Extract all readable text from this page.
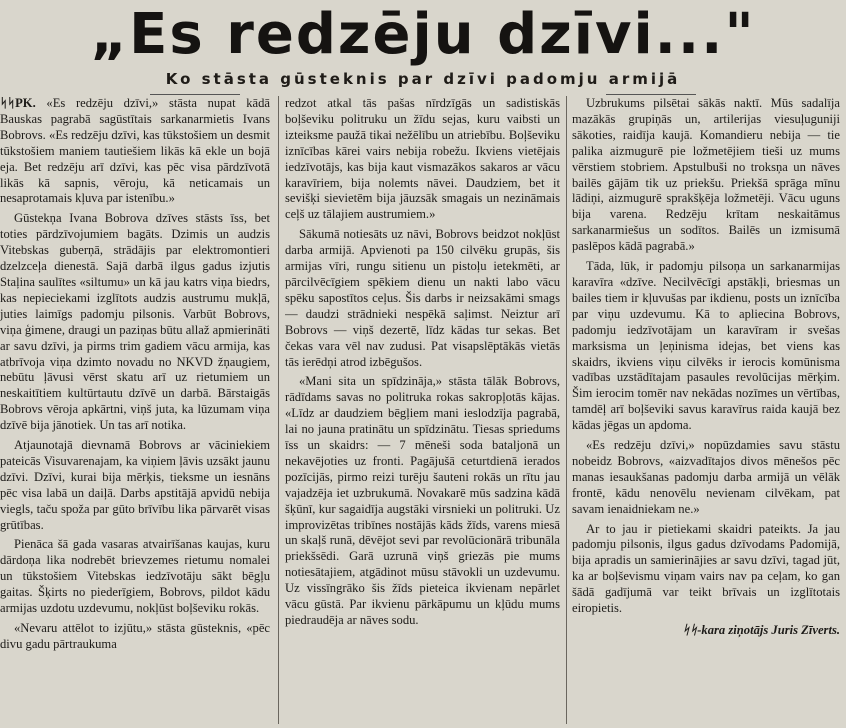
„Es redzēju dzīvi..."
Ko stāsta gūsteknis par dzīvi padomju armijā

ᛋᛋPK. «Es redzēju dzīvi,» stāsta nupat kādā Bauskas pagrabā sagūstītais sarkanarmietis Ivans Bobrovs. «Es redzēju dzīvi, kas tūkstošiem un desmit tūkstošiem maniem tautiešiem likās kā ekle un bojā eja. Bet redzēju arī dzīvi, kas pēc visa pārdzīvotā likās kā sapnis, vēroju, kā neticamais un nesaprotamais kļuva par istenību.»

Gūstekņa Ivana Bobrova dzīves stāsts īss, bet toties pārdzīvojumiem bagāts. Dzimis un audzis Vitebskas guberņā, strādājis par elektromontieri dzelzceļa dienestā. Sajā darbā ilgus gadus izjutis Staļina saulītes «siltumu» un kā jau katrs viņa biedrs, kas nepieciekami izglītots audzis austrumu mukļā, juties laimīgs padomju pilsonis. Varbūt Bobrovs, viņa ģimene, draugi un paziņas būtu allaž apmierināti ar savu dzīvi, ja pirms trim gadiem vācu armija, kas atbrīvoja viņa dzimto novadu no NKVD žņaugiem, nebūtu ļāvusi vērst skatu arī uz rietumiem un neskaitītiem kultūrtautu dzīvē un darbā. Bārstaigās Bobrovs vēroja apkārtni, viņš juta, ka lūzumam viņa dzīvē bija jānotiek. Un tas arī notika.

Atjaunotajā dievnamā Bobrovs ar vāciniekiem pateicās Visuvarenajam, ka viņiem ļāvis uzsākt jaunu dzīvi. Dzīvi, kurai bija mērķis, tieksme un iesnāns pēc visa labā un daiļā. Darbs apstitājā apvidū nebija viegls, taču spoža par gūto brīvību lika pārvarēt visas grūtības.

Pienāca šā gada vasaras atvairīšanas kaujas, kuru dārdoņa lika nodrebēt brievzemes rietumu nomalei un tūkstošiem Vitebskas iedzīvotāju sākt bēgļu gaitas. Šķirts no piederīgiem, Bobrovs, pildot kādu armijas uzdotu uzdevumu, nokļūst boļševiku rokās.

«Nevaru attēlot to izjūtu,» stāsta gūsteknis, «pēc divu gadu pārtraukuma

redzot atkal tās pašas nīrdzīgās un sadistiskās boļševiku politruku un žīdu sejas, kuru vaibsti un izteiksme paužā tikai nežēlību un atriebību. Boļševiku iznīcības kārei vairs nebija robežu. Ikviens vietējais iedzīvotājs, kas bija kaut vismazākos sakaros ar vācu karavīriem, bija nolemts nāvei. Daudziem, bet it sevišķi sievietēm bija jāuzsāk smagais un nezināmais ceļš uz tālajiem austrumiem.»

Sākumā notiesāts uz nāvi, Bobrovs beidzot nokļūst darba armijā. Apvienoti pa 150 cilvēku grupās, šis armijas vīri, rungu sitienu un pistoļu ietekmēti, ar pārcilvēcīgiem spēkiem dienu un nakti labo vācu spēku sapostītos ceļus. Šis darbs ir neizsakāmi smags — daudzi strādnieki nespēkā saļimst. Neiztur arī Bobrovs — viņš dezertē, līdz kādas tur sekas. Bet čekas vara vēl nav zudusi. Pat visapslēptākās vietās tās ierēdņi atrod izbēgušos.

«Mani sita un spīdzināja,» stāsta tālāk Bobrovs, rādīdams savas no politruka rokas sakropļotās kājas. «Līdz ar daudziem bēgļiem mani ieslodzīja pagrabā, lai no jauna pratinātu un spīdzinātu. Tiesas spriedums īss un skaidrs: — 7 mēneši soda bataljonā un nekavējoties uz fronti. Pagājušā ceturtdienā ierados pozīcijās, pirmo reizi turēju šauteni rokās un rītu jau vajadzēja iet uzbrukumā. Novakarē mūs sadzina kādā šķūnī, kur sagaidīja augstāki virsnieki un politruki. Uz improvizētas tribīnes nostājās kāds žīds, varens miesā un skaļš runā, dēvējot sevi par revolūcionārā tribunāla priekšsēdi. Garā uzrunā viņš griezās pie mums notiesātajiem, atgādinot mūsu stāvokli un uzdevumu. Uz vissīngrāko šis žīds pieteica ikvienam nepārlet vācu gūstā. Par ikvienu pārkāpumu un kļūdu mums piedraudēja ar nāves sodu.

Uzbrukums pilsētai sākās naktī. Mūs sadalīja mazākās grupiņās un, artilerijas viesuļuguniji sākoties, raidīja kaujā. Komandieru nebija — tie palika aizmugurē pie ložmetējiem tieši uz mums vērstiem stobriem. Apstulbuši no troksņa un nāves bailēs gājām tik uz priekšu. Priekšā sprāga mīnu lādiņi, aizmugurē sprakšķēja ložmetēji. Vācu uguns bija varena. Redzēju krītam neskaitāmus sarkanarmiešus un sodītos. Bailēs un izmisumā paslēpos kādā pagrabā.»

Tāda, lūk, ir padomju pilsoņa un sarkanarmijas karavīra «dzīve. Necilvēcīgi apstākļi, briesmas un bailes tiem ir kļuvušas par ikdienu, posts un iznīcība par viņu uzdevumu. Kā to apliecina Bobrovs, padomju iedzīvotājam un karavīram ir svešas marksisma un ļeņinisma idejas, bet viens kas skaidrs, ikviens viņu cilvēks ir ierocis komūnisma vadības uzstādītajam pasaules revolūcijas mērķim. Šim ierocim tomēr nav nekādas nozīmes un vērtības, tamdēļ arī boļševiki savus karavīrus raida kaujā bez kādas jēgas un apdoma.

«Es redzēju dzīvi,» nopūzdamies savu stāstu nobeidz Bobrovs, «aizvadītajos divos mēnešos pēc manas iesaukšanas padomju darba armijā un vēlāk frontē, kādu nenovēlu nevienam cilvēkam, pat savam ienaidniekam ne.»

Ar to jau ir pietiekami skaidri pateikts. Ja jau padomju pilsonis, ilgus gadus dzīvodams Padomijā, bija apradis un samierinājies ar savu dzīvi, tagad jūt, ka ar boļševismu viņam vairs nav pa ceļam, ko gan šādā gadījumā var teikt brīvais un izglītotais eiropietis.

ᛋᛋ-kara ziņotājs Juris Zīverts.
